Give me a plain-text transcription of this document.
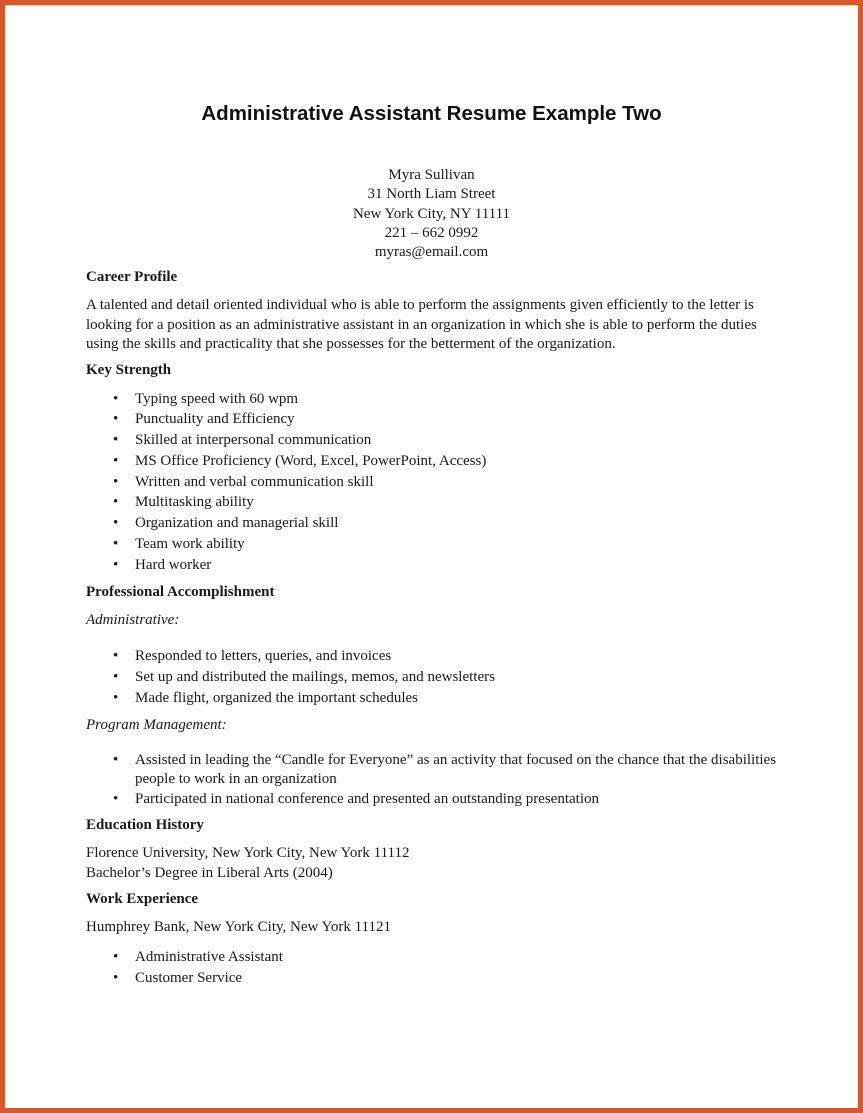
Administrative Assistant Resume Example Two
Myra Sullivan
31 North Liam Street
New York City, NY 11111
221 – 662 0992
myras@email.com
Career Profile

A talented and detail oriented individual who is able to perform the assignments given efficiently to the letter is looking for a position as an administrative assistant in an organization in which she is able to perform the duties using the skills and practicality that she possesses for the betterment of the organization.

Key Strength
• Typing speed with 60 wpm
• Punctuality and Efficiency
• Skilled at interpersonal communication
• MS Office Proficiency (Word, Excel, PowerPoint, Access)
• Written and verbal communication skill
• Multitasking ability
• Organization and managerial skill
• Team work ability
• Hard worker
Professional Accomplishment

Administrative:

• Responded to letters, queries, and invoices
• Set up and distributed the mailings, memos, and newsletters
• Made flight, organized the important schedules

Program Management:

• Assisted in leading the “Candle for Everyone” as an activity that focused on the chance that the disabilities people to work in an organization
• Participated in national conference and presented an outstanding presentation
Education History

Florence University, New York City, New York 11112

Bachelor’s Degree in Liberal Arts (2004)

Work Experience

Humphrey Bank, New York City, New York 11121

• Administrative Assistant
• Customer Service
